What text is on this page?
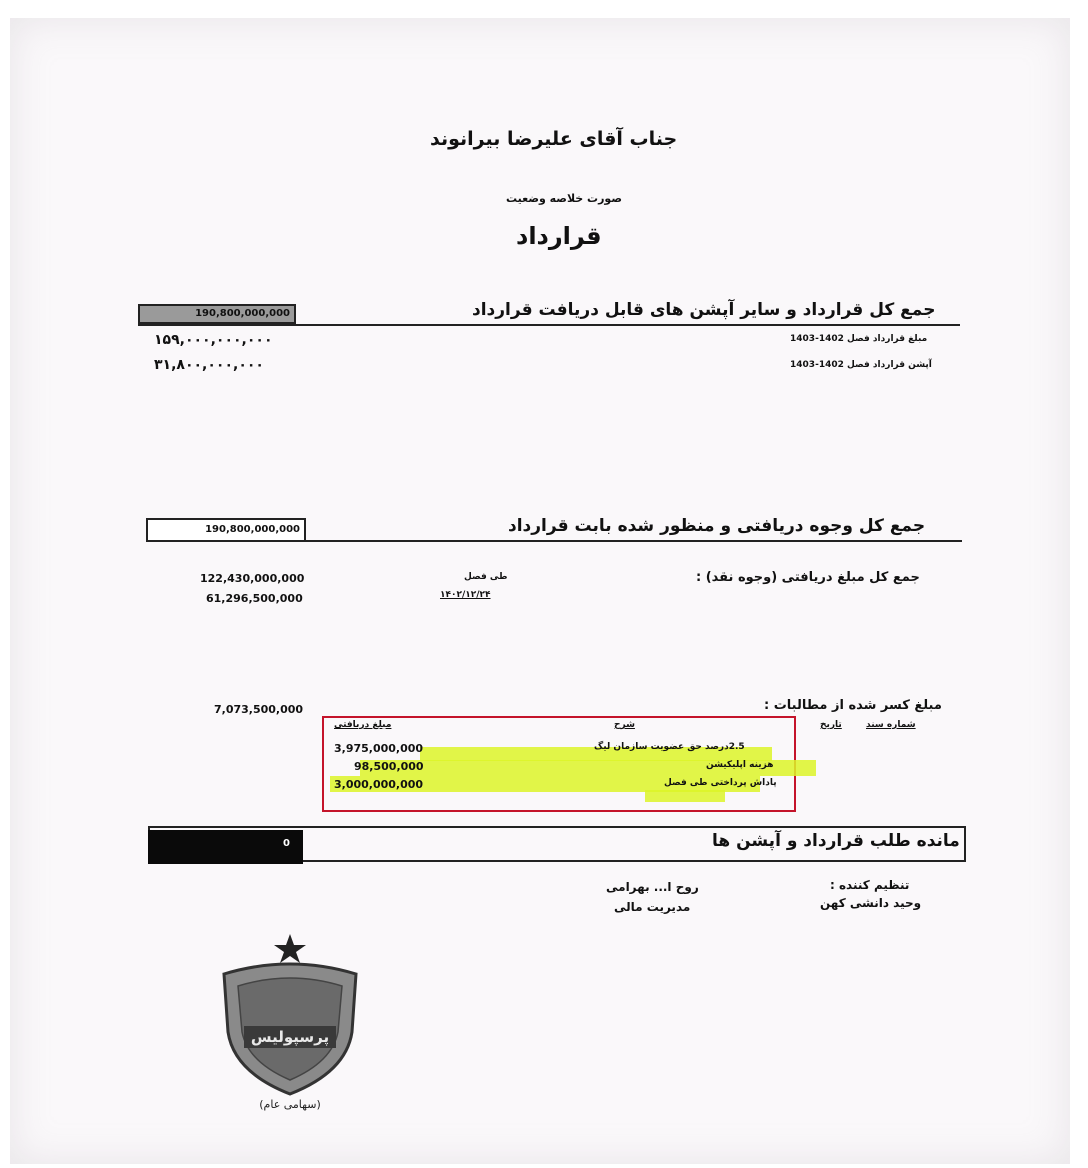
جناب آقای علیرضا بیرانوند
صورت خلاصه وضعیت
قرارداد
جمع کل قرارداد و سایر آپشن های قابل دریافت قرارداد
190,800,000,000
مبلغ قرارداد فصل 1402-1403
۱۵۹,۰۰۰,۰۰۰,۰۰۰
آپشن قرارداد فصل 1402-1403
۳۱,۸۰۰,۰۰۰,۰۰۰
جمع کل وجوه دریافتی و منظور شده بابت قرارداد
190,800,000,000
جمع کل مبلغ دریافتی (وجوه نقد) :
طی فصل
۱۴۰۲/۱۲/۲۴
122,430,000,000
61,296,500,000
مبلغ کسر شده از مطالبات :
7,073,500,000
شماره سند
تاریخ
شرح
مبلغ دریافتی
2.5درصد حق عضویت سازمان لیگ
3,975,000,000
هزینه اپلیکیشن
98,500,000
پاداش پرداختی طی فصل
3,000,000,000
0	مانده طلب قرارداد و آپشن ها
تنظیم کننده :
وحید دانشی کهن
روح ا... بهرامی
مدیریت مالی
پرسپولیس
(سهامی عام)
